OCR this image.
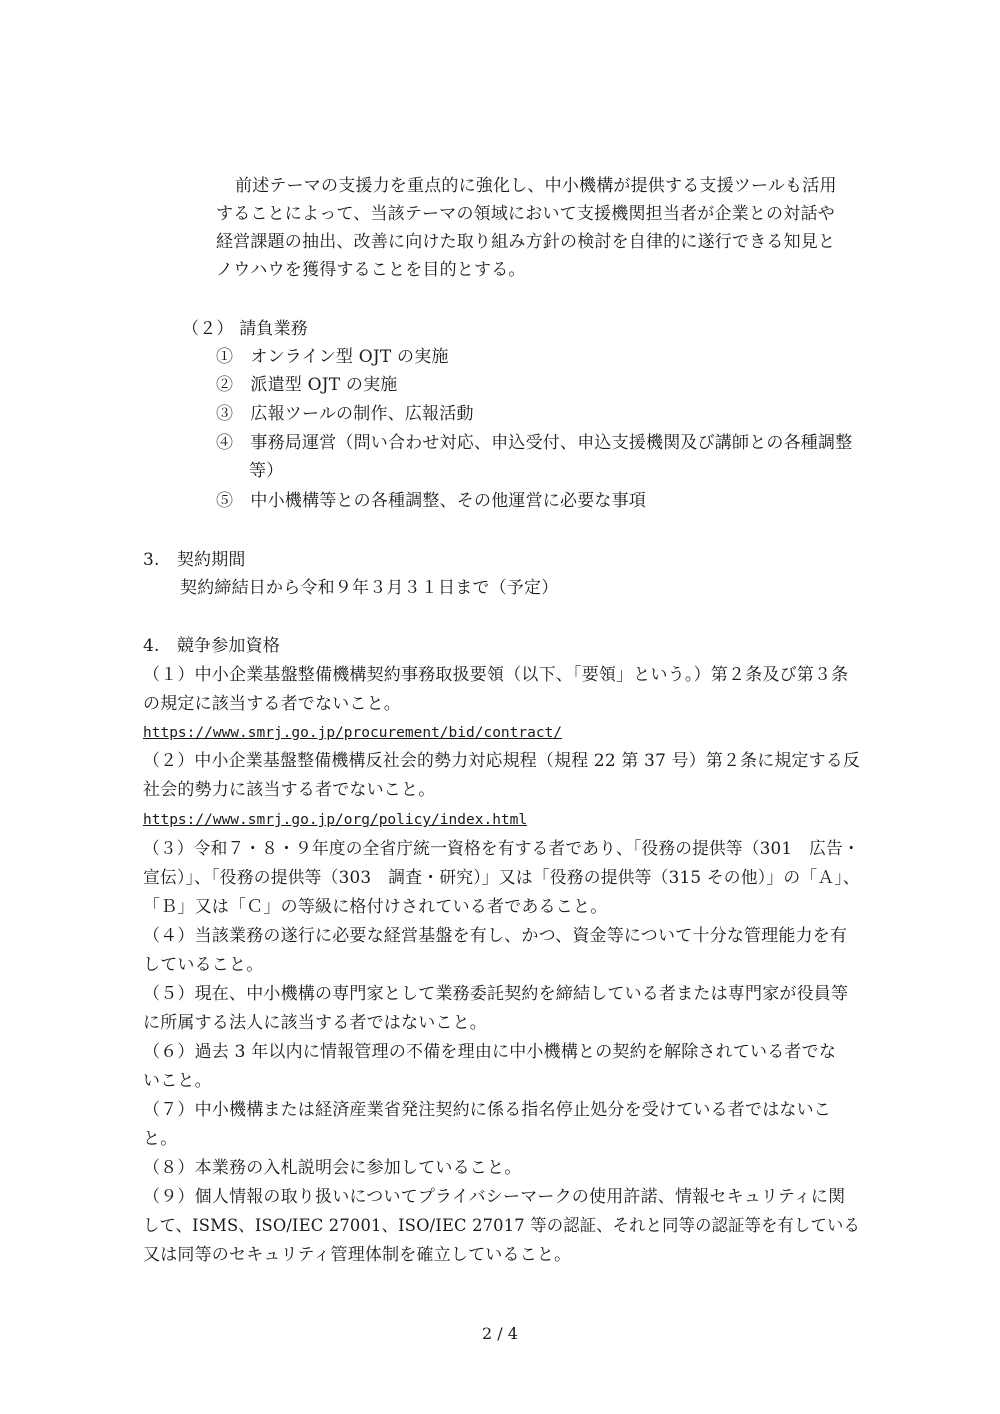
前述テーマの支援力を重点的に強化し、中小機構が提供する支援ツールも活用
することによって、当該テーマの領域において支援機関担当者が企業との対話や
経営課題の抽出、改善に向けた取り組み方針の検討を自律的に遂行できる知見と
ノウハウを獲得することを目的とする。
（２） 請負業務
①　オンライン型 OJT の実施
②　派遣型 OJT の実施
③　広報ツールの制作、広報活動
④　事務局運営（問い合わせ対応、申込受付、申込支援機関及び講師との各種調整
等）
⑤　中小機構等との各種調整、その他運営に必要な事項
3.　契約期間
契約締結日から令和９年３月３１日まで（予定）
4.　競争参加資格
（１）中小企業基盤整備機構契約事務取扱要領（以下、「要領」という。）第２条及び第３条
の規定に該当する者でないこと。
https://www.smrj.go.jp/procurement/bid/contract/
（２）中小企業基盤整備機構反社会的勢力対応規程（規程 22 第 37 号）第２条に規定する反
社会的勢力に該当する者でないこと。
https://www.smrj.go.jp/org/policy/index.html
（３）令和７・８・９年度の全省庁統一資格を有する者であり、「役務の提供等（301　広告・
宣伝）」、「役務の提供等（303　調査・研究）」又は「役務の提供等（315 その他）」の「Ａ」、
「Ｂ」又は「Ｃ」の等級に格付けされている者であること。
（４）当該業務の遂行に必要な経営基盤を有し、かつ、資金等について十分な管理能力を有
していること。
（５）現在、中小機構の専門家として業務委託契約を締結している者または専門家が役員等
に所属する法人に該当する者ではないこと。
（６）過去 3 年以内に情報管理の不備を理由に中小機構との契約を解除されている者でな
いこと。
（７）中小機構または経済産業省発注契約に係る指名停止処分を受けている者ではないこ
と。
（８）本業務の入札説明会に参加していること。
（９）個人情報の取り扱いについてプライバシーマークの使用許諾、情報セキュリティに関
して、ISMS、ISO/IEC 27001、ISO/IEC 27017 等の認証、それと同等の認証等を有している
又は同等のセキュリティ管理体制を確立していること。
2 / 4
